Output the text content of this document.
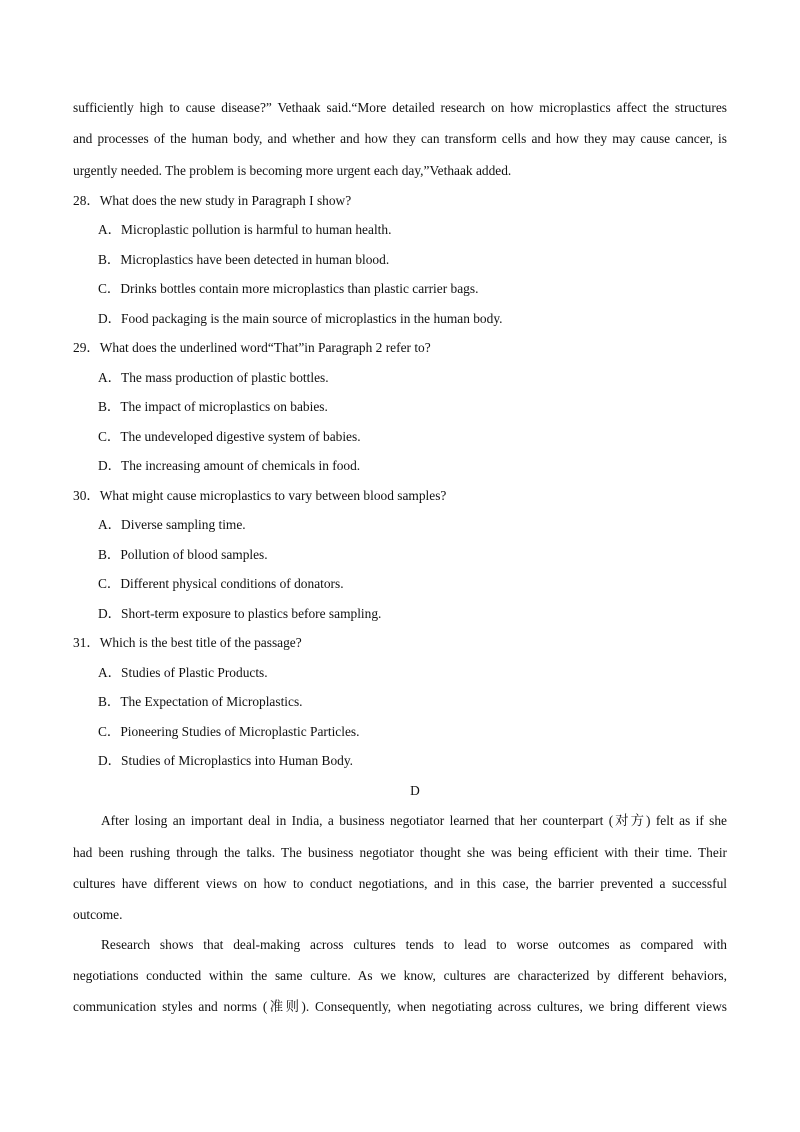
sufficiently high to cause disease?” Vethaak said.“More detailed research on how microplastics affect the structures
and processes of the human body, and whether and how they can transform cells and how they may cause cancer, is
urgently needed. The problem is becoming more urgent each day,”Vethaak added.
28．What does the new study in Paragraph I show?
A．Microplastic pollution is harmful to human health.
B．Microplastics have been detected in human blood.
C．Drinks bottles contain more microplastics than plastic carrier bags.
D．Food packaging is the main source of microplastics in the human body.
29．What does the underlined word“That”in Paragraph 2 refer to?
A．The mass production of plastic bottles.
B．The impact of microplastics on babies.
C．The undeveloped digestive system of babies.
D．The increasing amount of chemicals in food.
30．What might cause microplastics to vary between blood samples?
A．Diverse sampling time.
B．Pollution of blood samples.
C．Different physical conditions of donators.
D．Short-term exposure to plastics before sampling.
31．Which is the best title of the passage?
A．Studies of Plastic Products.
B．The Expectation of Microplastics.
C．Pioneering Studies of Microplastic Particles.
D．Studies of Microplastics into Human Body.
D
After losing an important deal in India, a business negotiator learned that her counterpart (对方) felt as if she
had been rushing through the talks. The business negotiator thought she was being efficient with their time. Their
cultures have different views on how to conduct negotiations, and in this case, the barrier prevented a successful
outcome.
Research shows that deal-making across cultures tends to lead to worse outcomes as compared with
negotiations conducted within the same culture. As we know, cultures are characterized by different behaviors,
communication styles and norms (准则). Consequently, when negotiating across cultures, we bring different views
